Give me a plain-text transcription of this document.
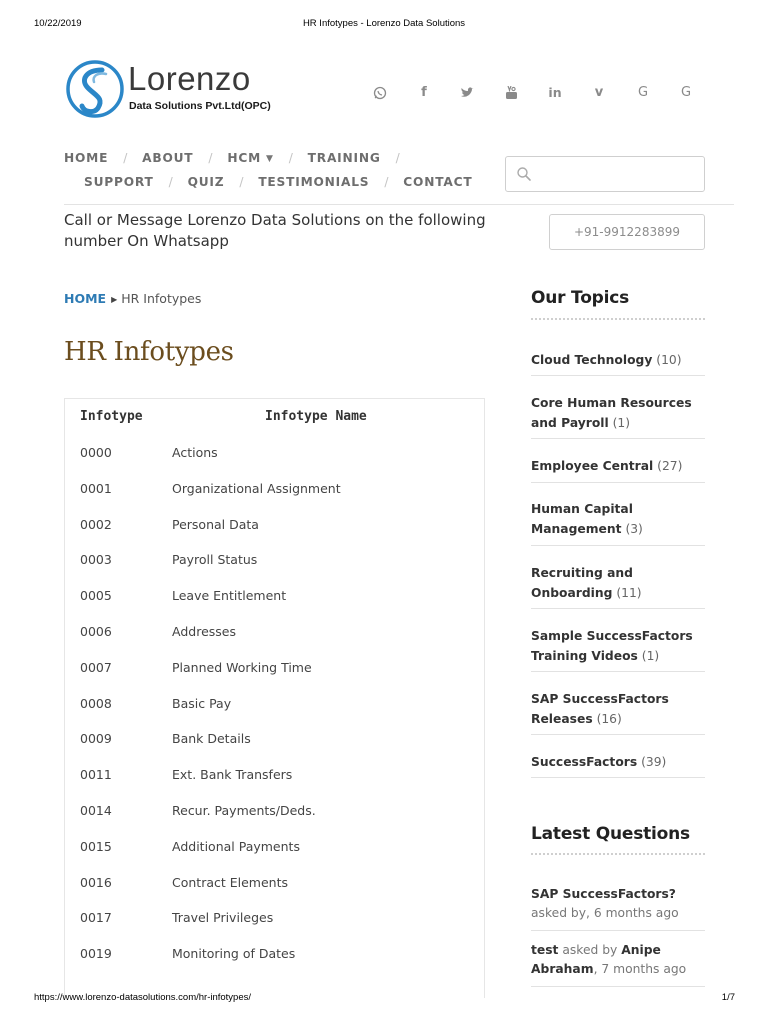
10/22/2019	HR Infotypes - Lorenzo Data Solutions
Lorenzo
Data Solutions Pvt.Ltd(OPC)
f	in	v	G	G
HOME / ABOUT / HCM ▼ / TRAINING /
SUPPORT / QUIZ / TESTIMONIALS / CONTACT
Call or Message Lorenzo Data Solutions on the following number On Whatsapp	+91-9912283899
HOME ▶ HR Infotypes
HR Infotypes
Infotype	Infotype Name
0000	Actions
0001	Organizational Assignment
0002	Personal Data
0003	Payroll Status
0005	Leave Entitlement
0006	Addresses
0007	Planned Working Time
0008	Basic Pay
0009	Bank Details
0011	Ext. Bank Transfers
0014	Recur. Payments/Deds.
0015	Additional Payments
0016	Contract Elements
0017	Travel Privileges
0019	Monitoring of Dates
Our Topics
Latest Questions
Cloud Technology (10)
Core Human Resources and Payroll (1)
Employee Central (27)
Human Capital Management (3)
Recruiting and Onboarding (11)
Sample SuccessFactors Training Videos (1)
SAP SuccessFactors Releases (16)
SuccessFactors (39)
SAP SuccessFactors? asked by, 6 months ago
test asked by Anipe Abraham, 7 months ago
https://www.lorenzo-datasolutions.com/hr-infotypes/	1/7
